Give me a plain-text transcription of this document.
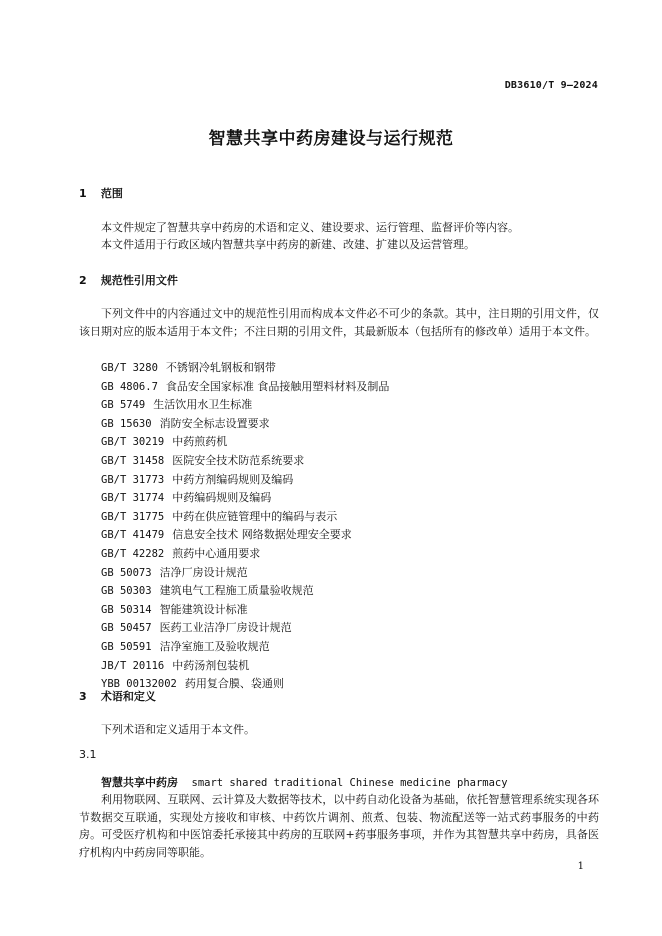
DB3610/T 9—2024
智慧共享中药房建设与运行规范
1 范围

本文件规定了智慧共享中药房的术语和定义、建设要求、运行管理、监督评价等内容。

本文件适用于行政区域内智慧共享中药房的新建、改建、扩建以及运营管理。

2 规范性引用文件

下列文件中的内容通过文中的规范性引用而构成本文件必不可少的条款。其中，注日期的引用文件，仅该日期对应的版本适用于本文件；不注日期的引用文件，其最新版本（包括所有的修改单）适用于本文件。

GB/T 3280 不锈钢冷轧钢板和钢带
GB 4806.7 食品安全国家标准 食品接触用塑料材料及制品
GB 5749 生活饮用水卫生标准
GB 15630 消防安全标志设置要求
GB/T 30219 中药煎药机
GB/T 31458 医院安全技术防范系统要求
GB/T 31773 中药方剂编码规则及编码
GB/T 31774 中药编码规则及编码
GB/T 31775 中药在供应链管理中的编码与表示
GB/T 41479 信息安全技术 网络数据处理安全要求
GB/T 42282 煎药中心通用要求
GB 50073 洁净厂房设计规范
GB 50303 建筑电气工程施工质量验收规范
GB 50314 智能建筑设计标准
GB 50457 医药工业洁净厂房设计规范
GB 50591 洁净室施工及验收规范
JB/T 20116 中药汤剂包装机
YBB 00132002 药用复合膜、袋通则
3 术语和定义

下列术语和定义适用于本文件。

3.1
智慧共享中药房 smart shared traditional Chinese medicine pharmacy

利用物联网、互联网、云计算及大数据等技术，以中药自动化设备为基础，依托智慧管理系统实现各环节数据交互联通，实现处方接收和审核、中药饮片调剂、煎煮、包装、物流配送等一站式药事服务的中药房。可受医疗机构和中医馆委托承接其中药房的互联网+药事服务事项，并作为其智慧共享中药房，具备医疗机构内中药房同等职能。

1
